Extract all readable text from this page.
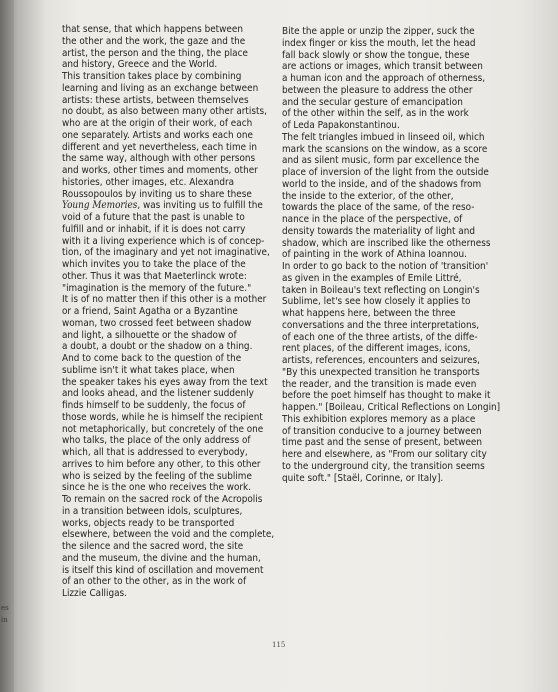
es
in
that sense, that which happens between
the other and the work, the gaze and the
artist, the person and the thing, the place
and history, Greece and the World.
This transition takes place by combining
learning and living as an exchange between
artists: these artists, between themselves
no doubt, as also between many other artists,
who are at the origin of their work, of each
one separately. Artists and works each one
different and yet nevertheless, each time in
the same way, although with other persons
and works, other times and moments, other
histories, other images, etc. Alexandra
Roussopoulos by inviting us to share these
Young Memories, was inviting us to fulfill the
void of a future that the past is unable to
fulfill and or inhabit, if it is does not carry
with it a living experience which is of concep-
tion, of the imaginary and yet not imaginative,
which invites you to take the place of the
other. Thus it was that Maeterlinck wrote:
"imagination is the memory of the future."
It is of no matter then if this other is a mother
or a friend, Saint Agatha or a Byzantine
woman, two crossed feet between shadow
and light, a silhouette or the shadow of
a doubt, a doubt or the shadow on a thing.
And to come back to the question of the
sublime isn't it what takes place, when
the speaker takes his eyes away from the text
and looks ahead, and the listener suddenly
finds himself to be suddenly, the focus of
those words, while he is himself the recipient
not metaphorically, but concretely of the one
who talks, the place of the only address of
which, all that is addressed to everybody,
arrives to him before any other, to this other
who is seized by the feeling of the sublime
since he is the one who receives the work.
To remain on the sacred rock of the Acropolis
in a transition between idols, sculptures,
works, objects ready to be transported
elsewhere, between the void and the complete,
the silence and the sacred word, the site
and the museum, the divine and the human,
is itself this kind of oscillation and movement
of an other to the other, as in the work of
Lizzie Calligas.
Bite the apple or unzip the zipper, suck the
index finger or kiss the mouth, let the head
fall back slowly or show the tongue, these
are actions or images, which transit between
a human icon and the approach of otherness,
between the pleasure to address the other
and the secular gesture of emancipation
of the other within the self, as in the work
of Leda Papakonstantinou.
The felt triangles imbued in linseed oil, which
mark the scansions on the window, as a score
and as silent music, form par excellence the
place of inversion of the light from the outside
world to the inside, and of the shadows from
the inside to the exterior, of the other,
towards the place of the same, of the reso-
nance in the place of the perspective, of
density towards the materiality of light and
shadow, which are inscribed like the otherness
of painting in the work of Athina Ioannou.
In order to go back to the notion of 'transition'
as given in the examples of Emile Littré,
taken in Boileau's text reflecting on Longin's
Sublime, let's see how closely it applies to
what happens here, between the three
conversations and the three interpretations,
of each one of the three artists, of the diffe-
rent places, of the different images, icons,
artists, references, encounters and seizures,
"By this unexpected transition he transports
the reader, and the transition is made even
before the poet himself has thought to make it
happen." [Boileau, Critical Reflections on Longin]
This exhibition explores memory as a place
of transition conducive to a journey between
time past and the sense of present, between
here and elsewhere, as "From our solitary city
to the underground city, the transition seems
quite soft." [Staël, Corinne, or Italy].
115
